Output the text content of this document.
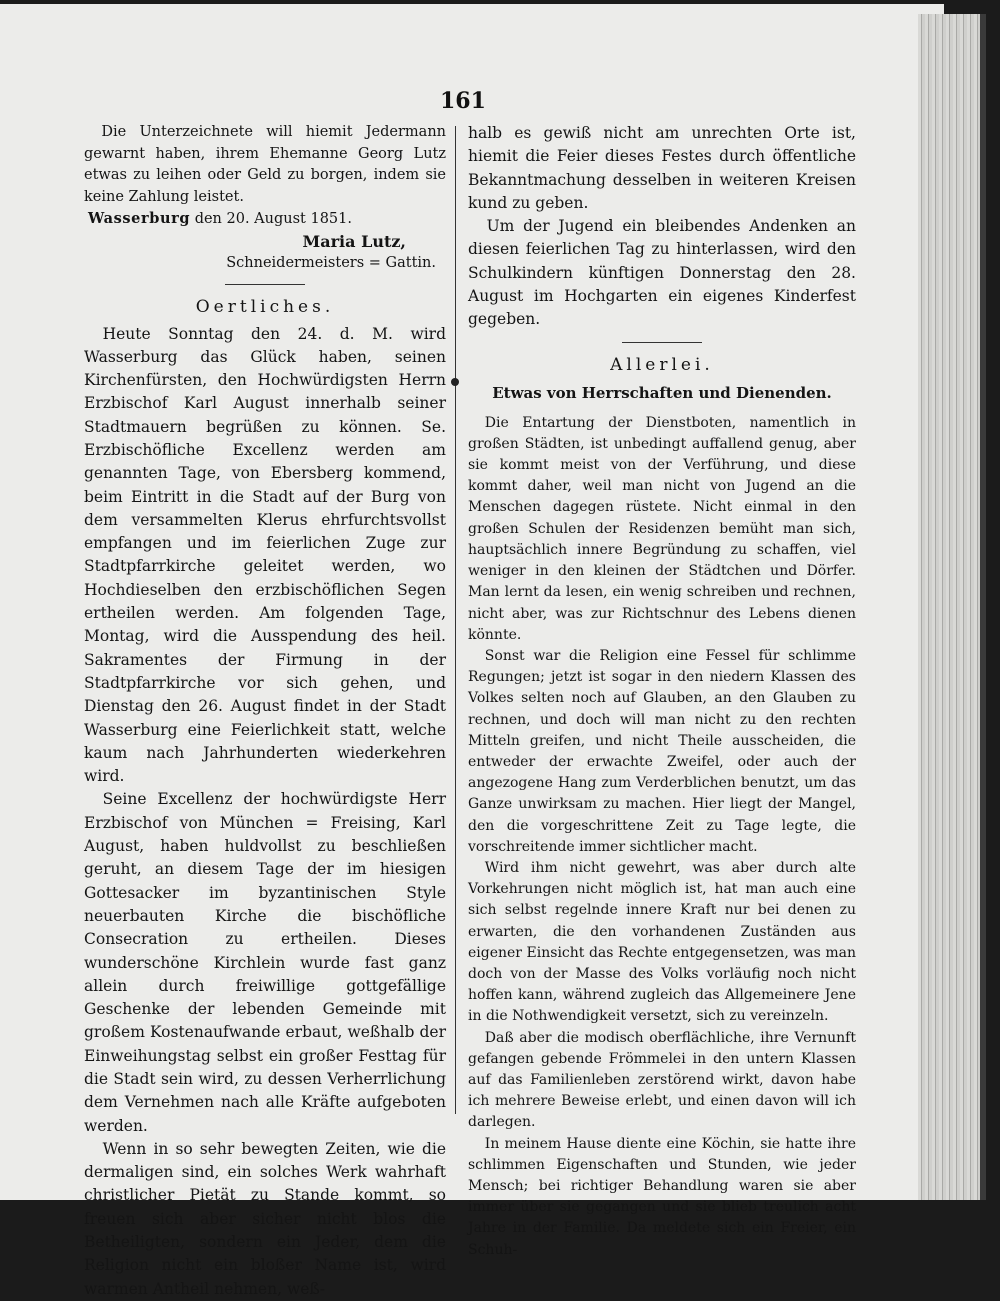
161

Die Unterzeichnete will hiemit Jedermann gewarnt haben, ihrem Ehemanne Georg Lutz etwas zu leihen oder Geld zu borgen, indem sie keine Zahlung leistet.

Wasserburg den 20. August 1851.

Maria Lutz,

Schneidermeisters = Gattin.

Oertliches.

Heute Sonntag den 24. d. M. wird Wasserburg das Glück haben, seinen Kirchenfürsten, den Hochwürdigsten Herrn Erzbischof Karl August innerhalb seiner Stadtmauern begrüßen zu können. Se. Erzbischöfliche Excellenz werden am genannten Tage, von Ebersberg kommend, beim Eintritt in die Stadt auf der Burg von dem versammelten Klerus ehrfurchtsvollst empfangen und im feierlichen Zuge zur Stadtpfarrkirche geleitet werden, wo Hochdieselben den erzbischöflichen Segen ertheilen werden. Am folgenden Tage, Montag, wird die Ausspendung des heil. Sakramentes der Firmung in der Stadtpfarrkirche vor sich gehen, und Dienstag den 26. August findet in der Stadt Wasserburg eine Feierlichkeit statt, welche kaum nach Jahrhunderten wiederkehren wird.

Seine Excellenz der hochwürdigste Herr Erzbischof von München = Freising, Karl August, haben huldvollst zu beschließen geruht, an diesem Tage der im hiesigen Gottesacker im byzantinischen Style neuerbauten Kirche die bischöfliche Consecration zu ertheilen. Dieses wunderschöne Kirchlein wurde fast ganz allein durch freiwillige gottgefällige Geschenke der lebenden Gemeinde mit großem Kostenaufwande erbaut, weßhalb der Einweihungstag selbst ein großer Festtag für die Stadt sein wird, zu dessen Verherrlichung dem Vernehmen nach alle Kräfte aufgeboten werden.

Wenn in so sehr bewegten Zeiten, wie die dermaligen sind, ein solches Werk wahrhaft christlicher Pietät zu Stande kommt, so freuen sich aber sicher nicht blos die Betheiligten, sondern ein Jeder, dem die Religion nicht ein bloßer Name ist, wird warmen Antheil nehmen, weß-

halb es gewiß nicht am unrechten Orte ist, hiemit die Feier dieses Festes durch öffentliche Bekanntmachung desselben in weiteren Kreisen kund zu geben.

Um der Jugend ein bleibendes Andenken an diesen feierlichen Tag zu hinterlassen, wird den Schulkindern künftigen Donnerstag den 28. August im Hochgarten ein eigenes Kinderfest gegeben.

Allerlei.

Etwas von Herrschaften und Dienenden.

Die Entartung der Dienstboten, namentlich in großen Städten, ist unbedingt auffallend genug, aber sie kommt meist von der Verführung, und diese kommt daher, weil man nicht von Jugend an die Menschen dagegen rüstete. Nicht einmal in den großen Schulen der Residenzen bemüht man sich, hauptsächlich innere Begründung zu schaffen, viel weniger in den kleinen der Städtchen und Dörfer. Man lernt da lesen, ein wenig schreiben und rechnen, nicht aber, was zur Richtschnur des Lebens dienen könnte.

Sonst war die Religion eine Fessel für schlimme Regungen; jetzt ist sogar in den niedern Klassen des Volkes selten noch auf Glauben, an den Glauben zu rechnen, und doch will man nicht zu den rechten Mitteln greifen, und nicht Theile ausscheiden, die entweder der erwachte Zweifel, oder auch der angezogene Hang zum Verderblichen benutzt, um das Ganze unwirksam zu machen. Hier liegt der Mangel, den die vorgeschrittene Zeit zu Tage legte, die vorschreitende immer sichtlicher macht.

Wird ihm nicht gewehrt, was aber durch alte Vorkehrungen nicht möglich ist, hat man auch eine sich selbst regelnde innere Kraft nur bei denen zu erwarten, die den vorhandenen Zuständen aus eigener Einsicht das Rechte entgegensetzen, was man doch von der Masse des Volks vorläufig noch nicht hoffen kann, während zugleich das Allgemeinere Jene in die Nothwendigkeit versetzt, sich zu vereinzeln.

Daß aber die modisch oberflächliche, ihre Vernunft gefangen gebende Frömmelei in den untern Klassen auf das Familienleben zerstörend wirkt, davon habe ich mehrere Beweise erlebt, und einen davon will ich darlegen.

In meinem Hause diente eine Köchin, sie hatte ihre schlimmen Eigenschaften und Stunden, wie jeder Mensch; bei richtiger Behandlung waren sie aber immer über sie gegangen und sie blieb treulich acht Jahre in der Familie. Da meldete sich ein Freier, ein Schuh-
